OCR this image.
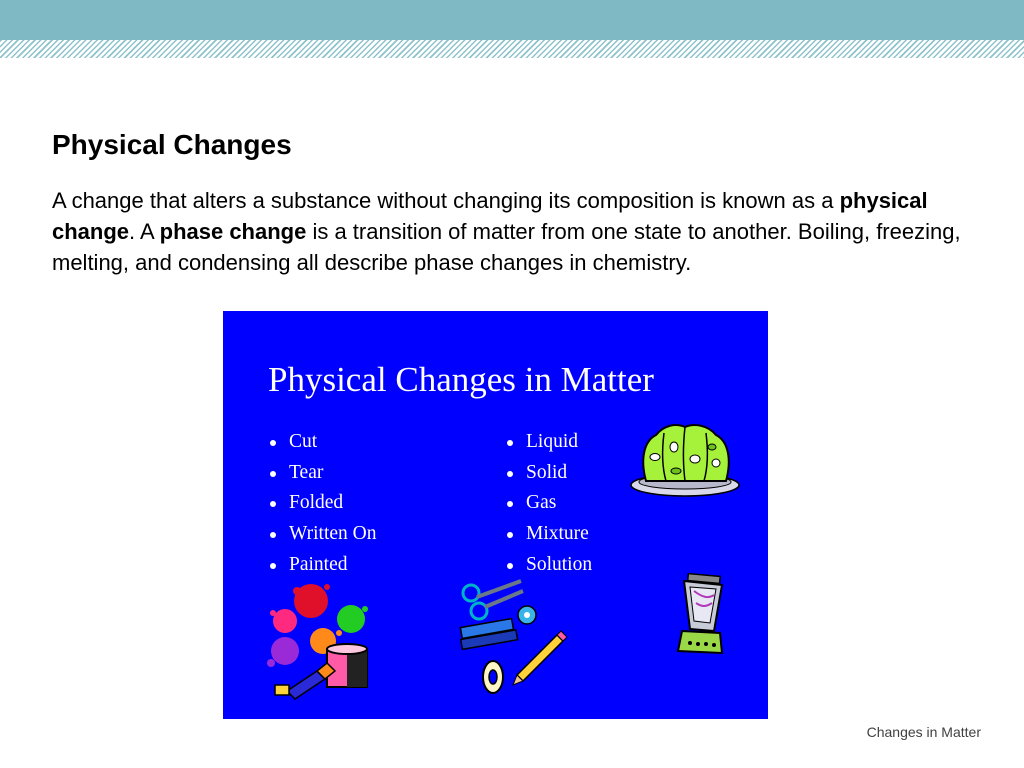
Physical Changes
A change that alters a substance without changing its composition is known as a physical change. A phase change is a transition of matter from one state to another. Boiling, freezing, melting, and condensing all describe phase changes in chemistry.
Physical Changes in Matter
Cut
Tear
Folded
Written On
Painted
Liquid
Solid
Gas
Mixture
Solution
Changes in Matter
